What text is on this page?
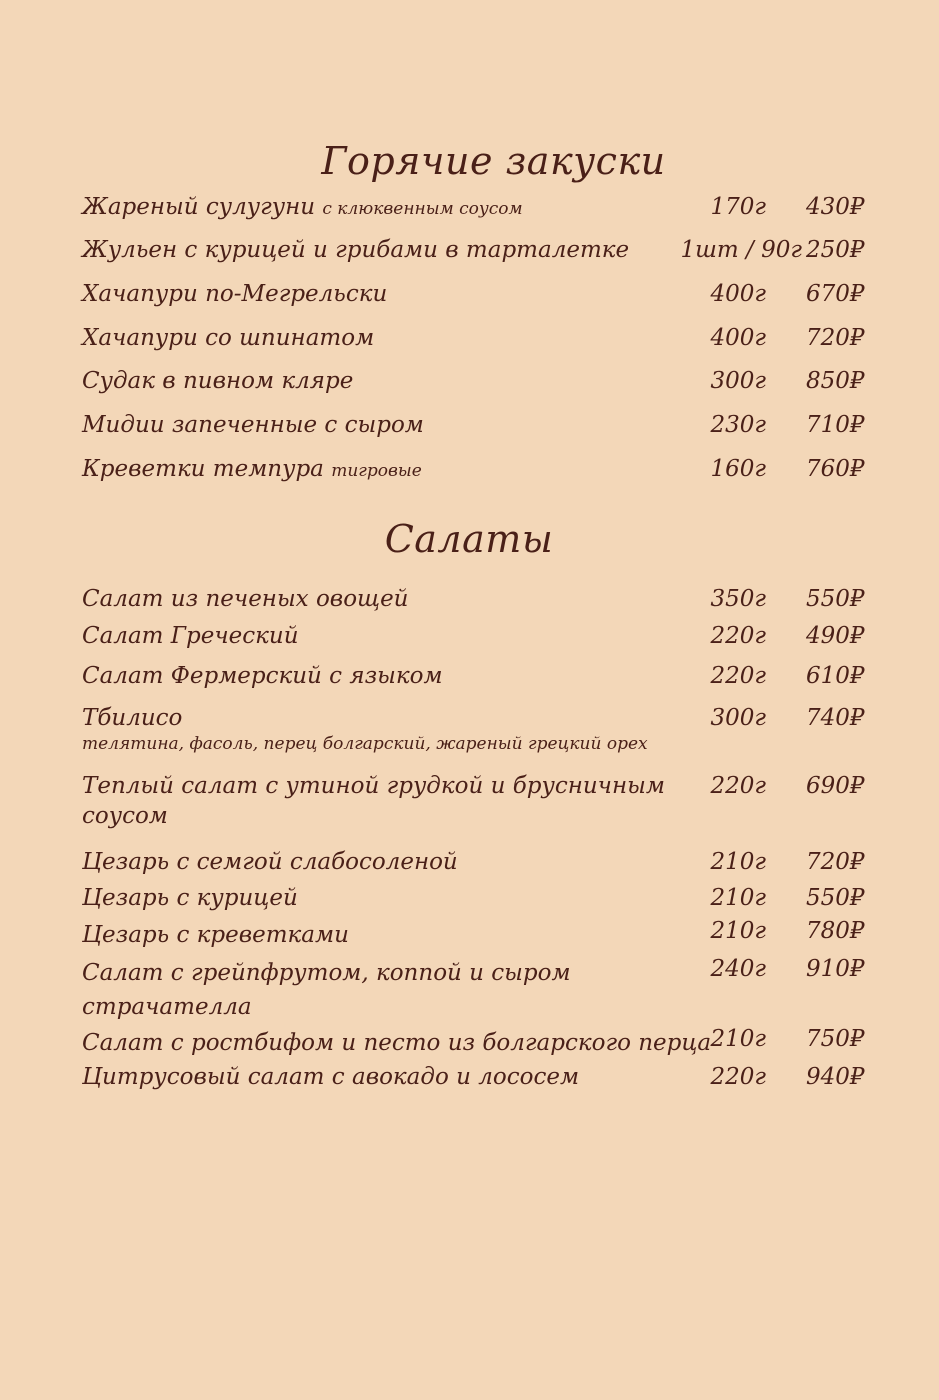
Горячие закуски
Жареный сулугуни с клюквенным соусом	170г	430₽
Жульен с курицей и грибами в тарталетке	1шт / 90г 250₽
Хачапури по-Мегрельски	400г	670₽
Хачапури со шпинатом	400г	720₽
Судак в пивном кляре	300г	850₽
Мидии запеченные с сыром	230г	710₽
Креветки темпура тигровые	160г	760₽
Салаты
Салат из печеных овощей	350г	550₽
Салат Греческий	220г	490₽
Салат Фермерский с языком	220г	610₽
Тбилисо
телятина, фасоль, перец болгарский, жареный грецкий орех
300г	740₽
Теплый салат с утиной грудкой и брусничным
соусом
220г	690₽
Цезарь с семгой слабосоленой	210г	720₽
Цезарь с курицей	210г	550₽
Цезарь с креветками	210г	780₽
Салат с грейпфрутом, коппой и сыром
страчателла
240г	910₽
Салат с ростбифом и песто из болгарского перца 210г	750₽
Цитрусовый салат с авокадо и лососем	220г	940₽
